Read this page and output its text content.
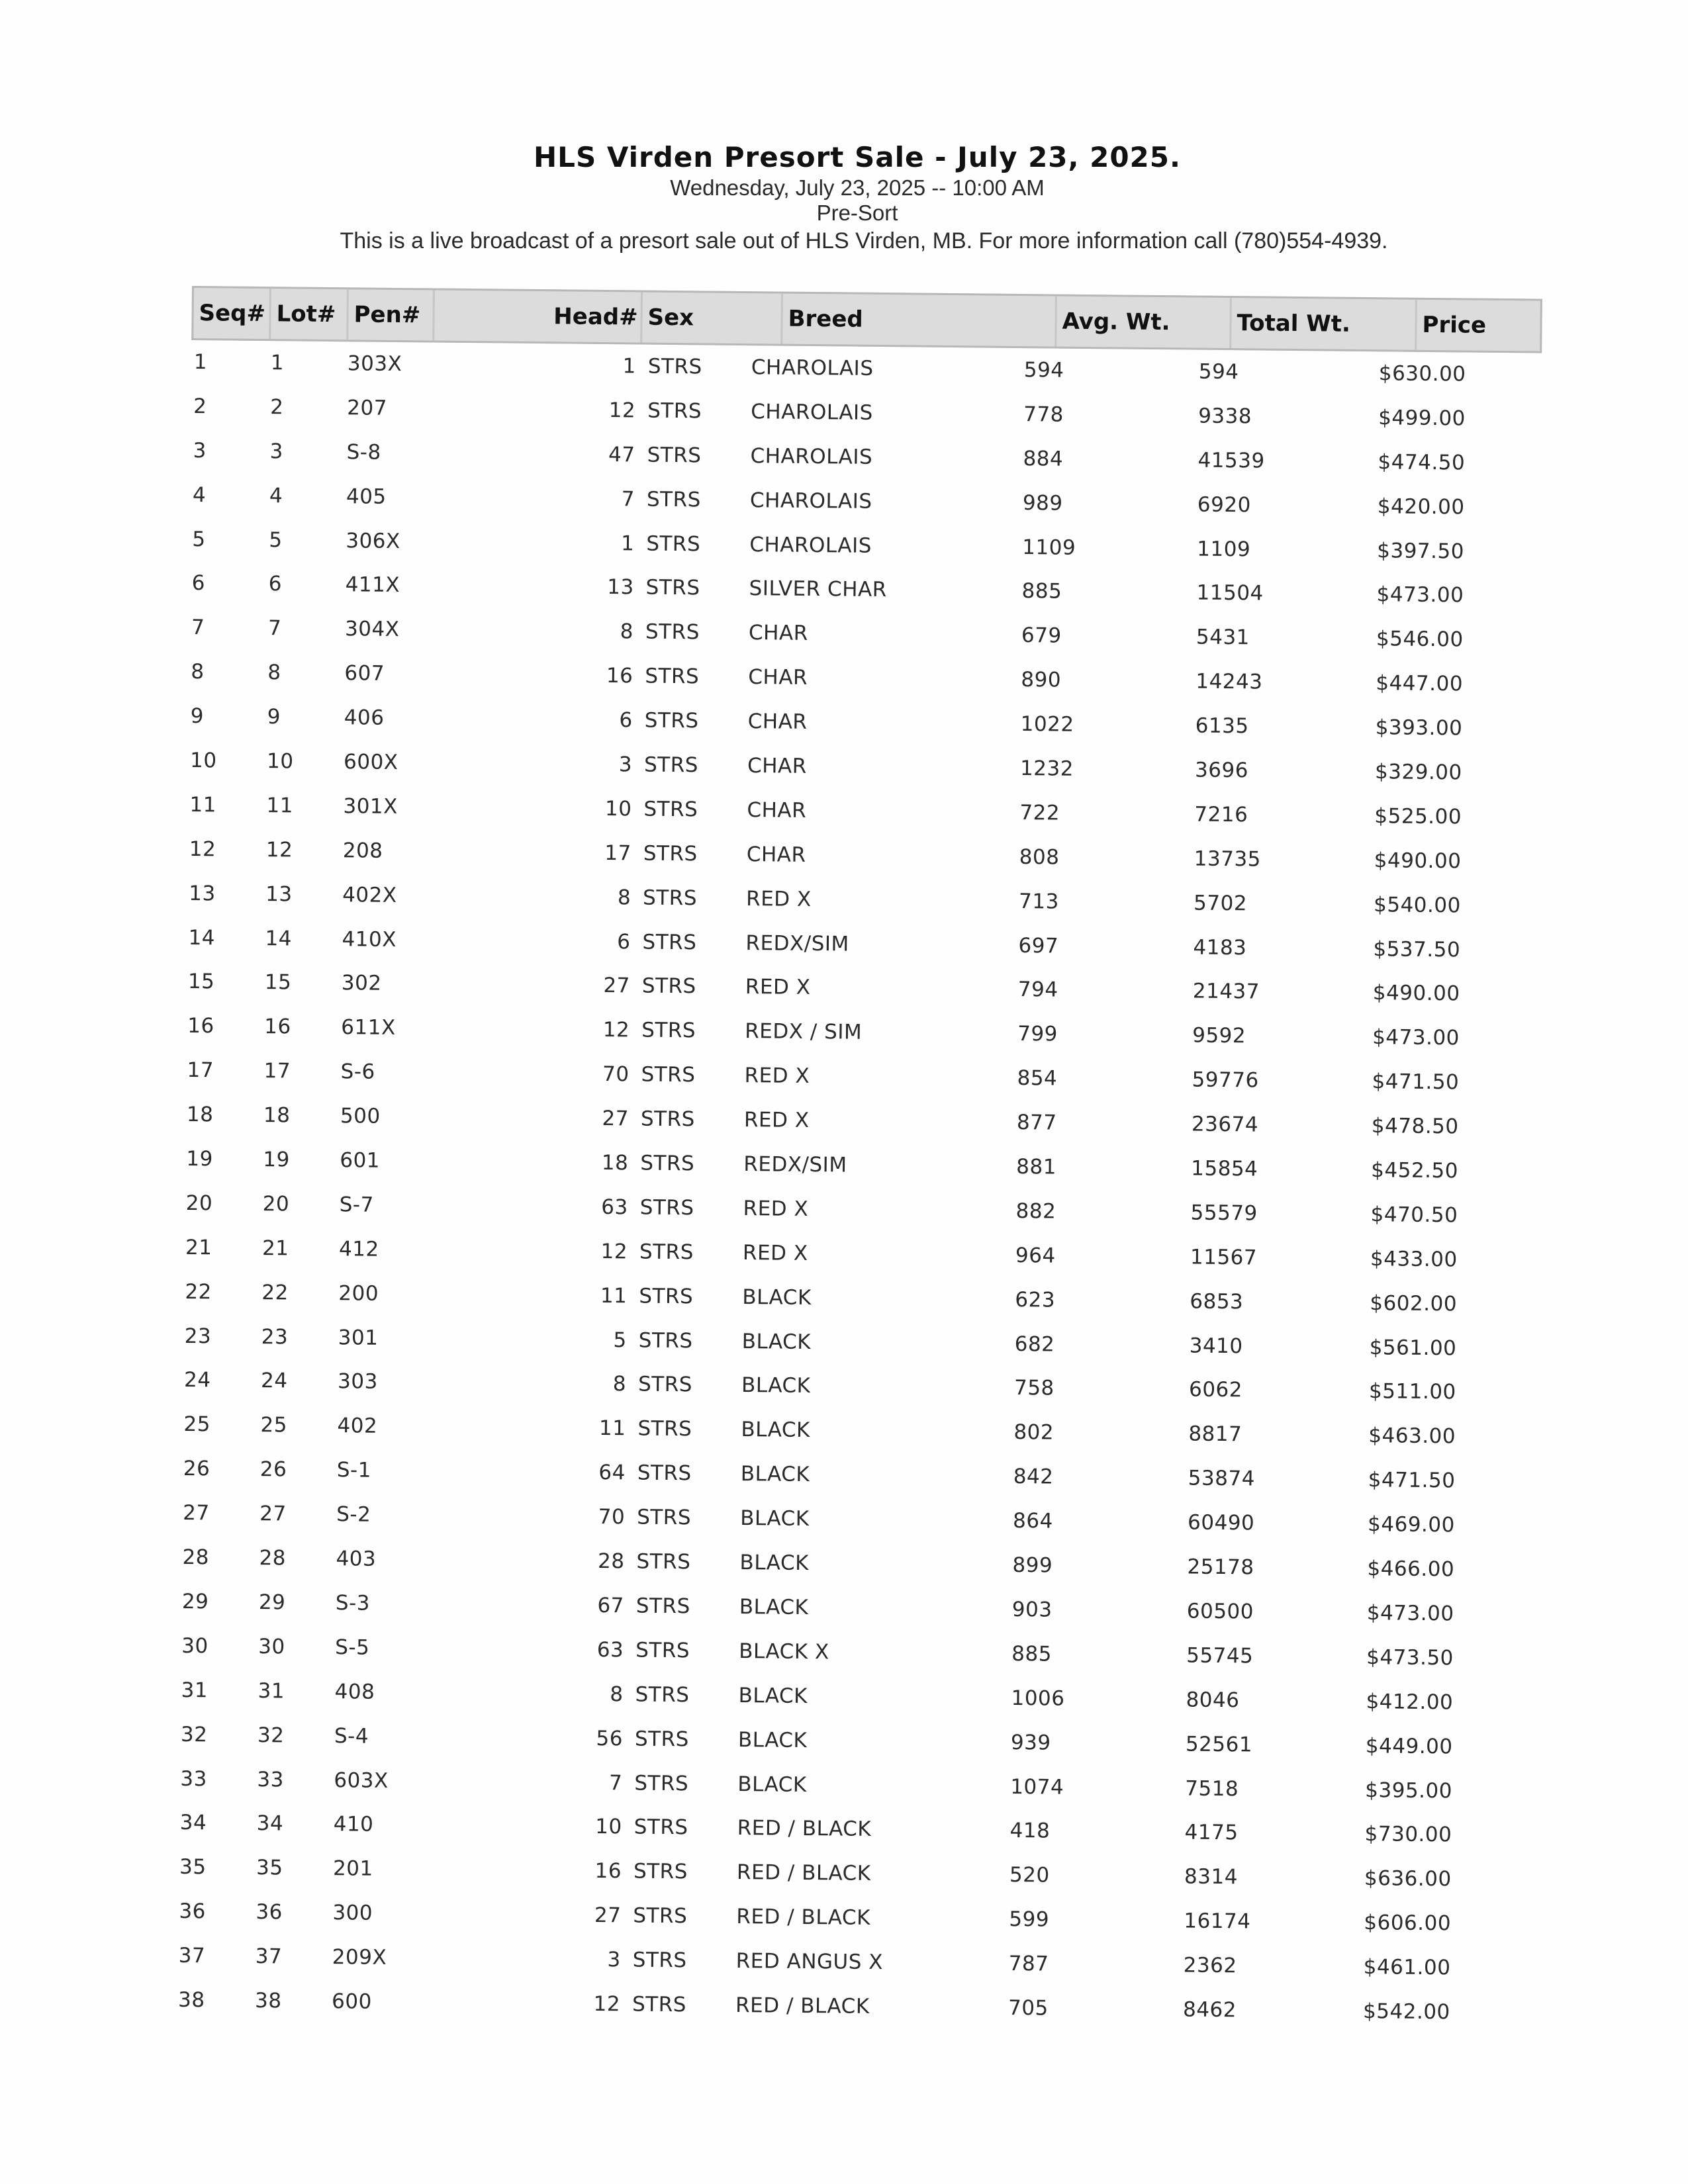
HLS Virden Presort Sale - July 23, 2025.
Wednesday, July 23, 2025 -- 10:00 AM
Pre-Sort
This is a live broadcast of a presort sale out of HLS Virden, MB. For more information call (780)554-4939.
Seq# Lot# Pen#	Head# Sex	Breed	Avg. Wt.	Total Wt.	Price
1	1	303X	1 STRS	CHAROLAIS	594	594	$630.00
2	2	207	12 STRS	CHAROLAIS	778	9338	$499.00
3	3	S-8	47 STRS	CHAROLAIS	884	41539	$474.50
4	4	405	7 STRS	CHAROLAIS	989	6920	$420.00
5	5	306X	1 STRS	CHAROLAIS	1109	1109	$397.50
6	6	411X	13 STRS	SILVER CHAR	885	11504	$473.00
7	7	304X	8 STRS	CHAR	679	5431	$546.00
8	8	607	16 STRS	CHAR	890	14243	$447.00
9	9	406	6 STRS	CHAR	1022	6135	$393.00
10	10	600X	3 STRS	CHAR	1232	3696	$329.00
11	11	301X	10 STRS	CHAR	722	7216	$525.00
12	12	208	17 STRS	CHAR	808	13735	$490.00
13	13	402X	8 STRS	RED X	713	5702	$540.00
14	14	410X	6 STRS	REDX/SIM	697	4183	$537.50
15	15	302	27 STRS	RED X	794	21437	$490.00
16	16	611X	12 STRS	REDX / SIM	799	9592	$473.00
17	17	S-6	70 STRS	RED X	854	59776	$471.50
18	18	500	27 STRS	RED X	877	23674	$478.50
19	19	601	18 STRS	REDX/SIM	881	15854	$452.50
20	20	S-7	63 STRS	RED X	882	55579	$470.50
21	21	412	12 STRS	RED X	964	11567	$433.00
22	22	200	11 STRS	BLACK	623	6853	$602.00
23	23	301	5 STRS	BLACK	682	3410	$561.00
24	24	303	8 STRS	BLACK	758	6062	$511.00
25	25	402	11 STRS	BLACK	802	8817	$463.00
26	26	S-1	64 STRS	BLACK	842	53874	$471.50
27	27	S-2	70 STRS	BLACK	864	60490	$469.00
28	28	403	28 STRS	BLACK	899	25178	$466.00
29	29	S-3	67 STRS	BLACK	903	60500	$473.00
30	30	S-5	63 STRS	BLACK X	885	55745	$473.50
31	31	408	8 STRS	BLACK	1006	8046	$412.00
32	32	S-4	56 STRS	BLACK	939	52561	$449.00
33	33	603X	7 STRS	BLACK	1074	7518	$395.00
34	34	410	10 STRS	RED / BLACK	418	4175	$730.00
35	35	201	16 STRS	RED / BLACK	520	8314	$636.00
36	36	300	27 STRS	RED / BLACK	599	16174	$606.00
37	37	209X	3 STRS	RED ANGUS X	787	2362	$461.00
38	38	600	12 STRS	RED / BLACK	705	8462	$542.00
